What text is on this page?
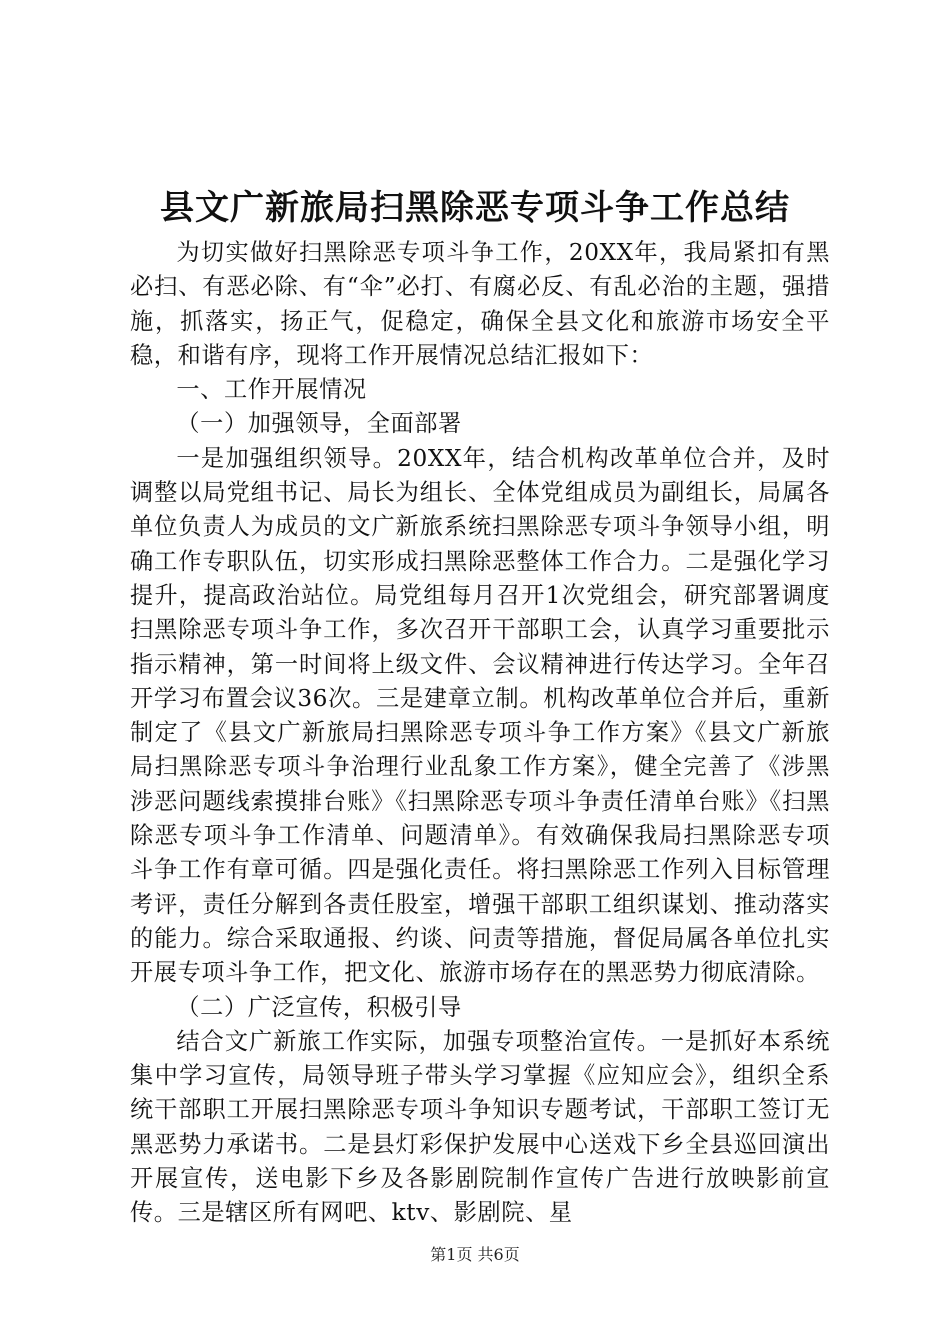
县文广新旅局扫黑除恶专项斗争工作总结

为切实做好扫黑除恶专项斗争工作，20XX年，我局紧扣有黑必扫、有恶必除、有“伞”必打、有腐必反、有乱必治的主题，强措施，抓落实，扬正气，促稳定，确保全县文化和旅游市场安全平稳，和谐有序，现将工作开展情况总结汇报如下：

一、工作开展情况

（一）加强领导，全面部署

一是加强组织领导。20XX年，结合机构改革单位合并，及时调整以局党组书记、局长为组长、全体党组成员为副组长，局属各单位负责人为成员的文广新旅系统扫黑除恶专项斗争领导小组，明确工作专职队伍，切实形成扫黑除恶整体工作合力。二是强化学习提升，提高政治站位。局党组每月召开1次党组会，研究部署调度扫黑除恶专项斗争工作，多次召开干部职工会，认真学习重要批示指示精神，第一时间将上级文件、会议精神进行传达学习。全年召开学习布置会议36次。三是建章立制。机构改革单位合并后，重新制定了《县文广新旅局扫黑除恶专项斗争工作方案》《县文广新旅局扫黑除恶专项斗争治理行业乱象工作方案》，健全完善了《涉黑涉恶问题线索摸排台账》《扫黑除恶专项斗争责任清单台账》《扫黑除恶专项斗争工作清单、问题清单》。有效确保我局扫黑除恶专项斗争工作有章可循。四是强化责任。将扫黑除恶工作列入目标管理考评，责任分解到各责任股室，增强干部职工组织谋划、推动落实的能力。综合采取通报、约谈、问责等措施，督促局属各单位扎实开展专项斗争工作，把文化、旅游市场存在的黑恶势力彻底清除。

（二）广泛宣传，积极引导

结合文广新旅工作实际，加强专项整治宣传。一是抓好本系统集中学习宣传，局领导班子带头学习掌握《应知应会》，组织全系统干部职工开展扫黑除恶专项斗争知识专题考试，干部职工签订无黑恶势力承诺书。二是县灯彩保护发展中心送戏下乡全县巡回演出开展宣传，送电影下乡及各影剧院制作宣传广告进行放映影前宣传。三是辖区所有网吧、ktv、影剧院、星

第1页 共6页
